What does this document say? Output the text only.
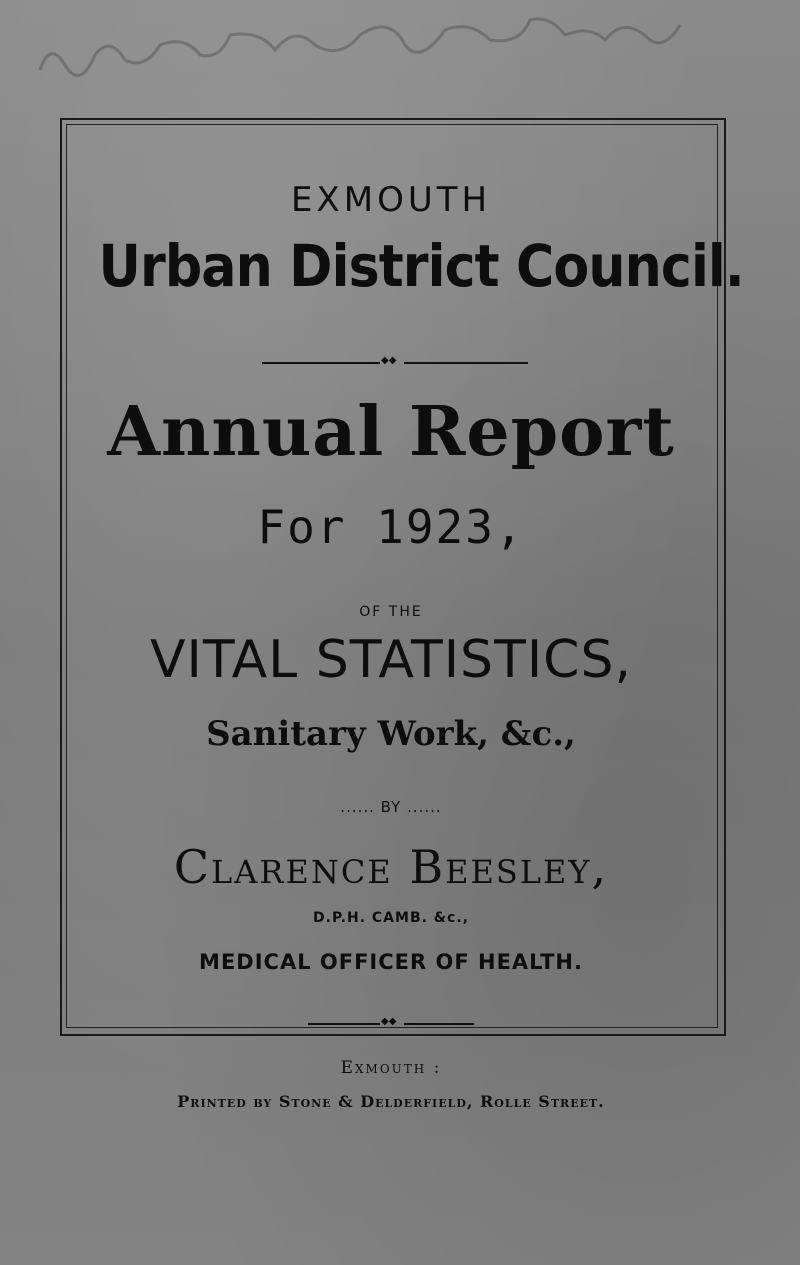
EXMOUTH
Urban District Council.
◆◆
Annual Report
For 1923,
OF THE
VITAL STATISTICS,
Sanitary Work, &c.,
...... BY ......
Clarence Beesley,
D.P.H. CAMB. &c.,
MEDICAL OFFICER OF HEALTH.
◆◆
Exmouth :
Printed by Stone & Delderfield, Rolle Street.
